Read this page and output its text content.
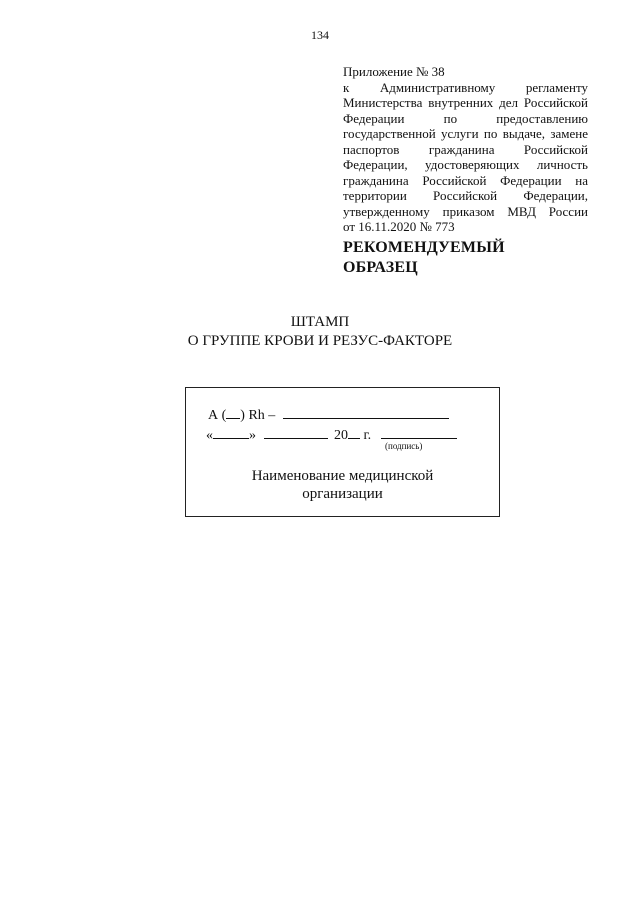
134
Приложение № 38
к Административному регламенту
Министерства внутренних дел Российской
Федерации по предоставлению
государственной услуги по выдаче, замене
паспортов гражданина Российской
Федерации, удостоверяющих личность
гражданина Российской Федерации на
территории Российской Федерации,
утвержденному приказом МВД России
от 16.11.2020 № 773
РЕКОМЕНДУЕМЫЙ
ОБРАЗЕЦ
ШТАМП
О ГРУППЕ КРОВИ И РЕЗУС-ФАКТОРЕ
А ( ) Rh –
«	»	20 г.
(подпись)
Наименование медицинской
организации
